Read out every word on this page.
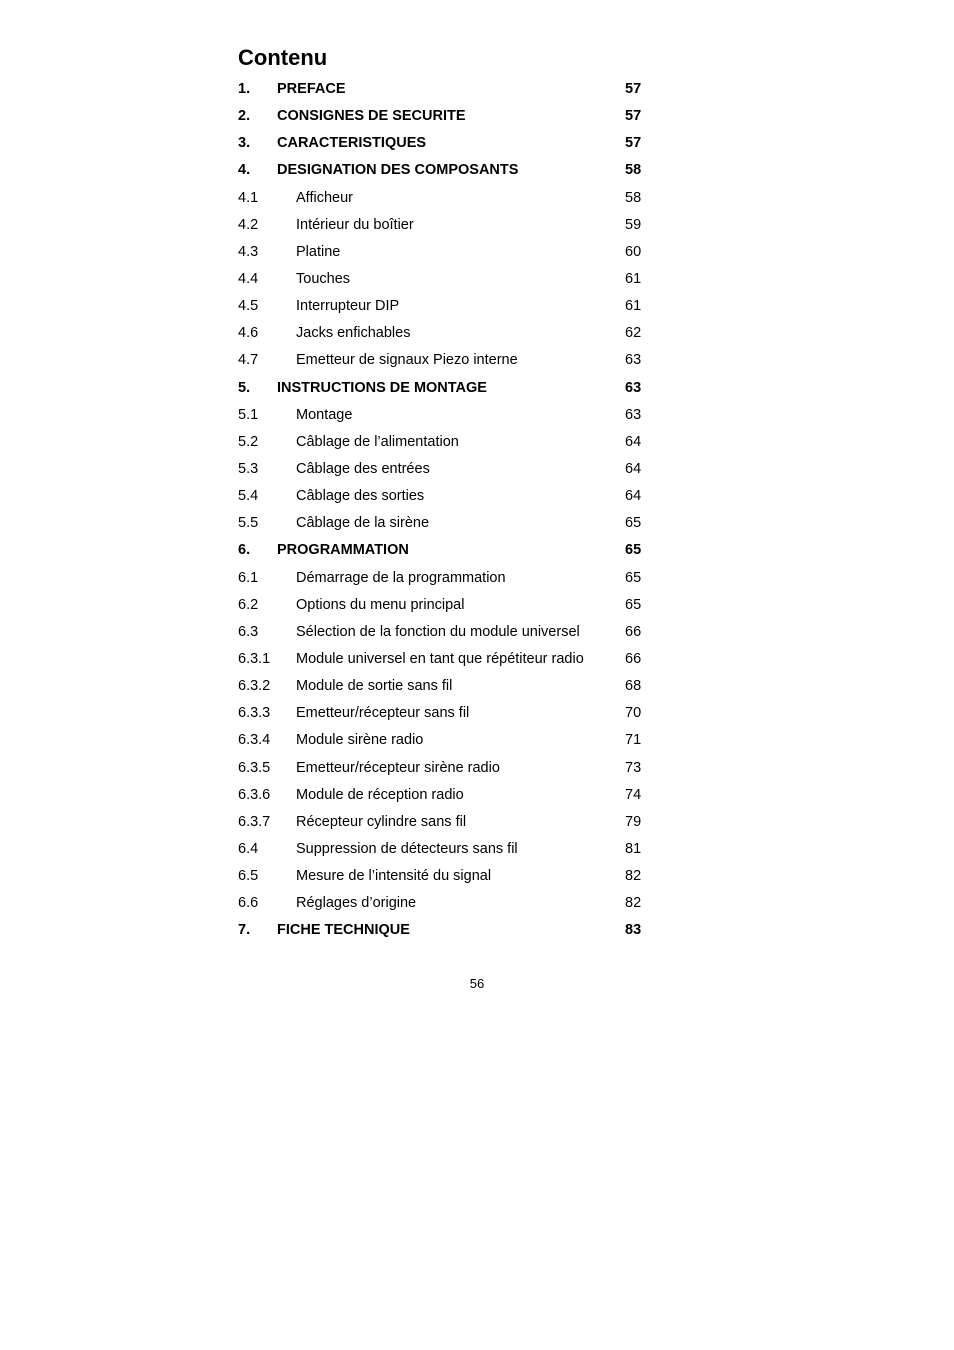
Contenu
1. PREFACE	57
2. CONSIGNES DE SECURITE	57
3. CARACTERISTIQUES	57
4. DESIGNATION DES COMPOSANTS	58
4.1	Afficheur	58
4.2	Intérieur du boîtier	59
4.3	Platine	60
4.4	Touches	61
4.5	Interrupteur DIP	61
4.6	Jacks enfichables	62
4.7	Emetteur de signaux Piezo interne	63
5. INSTRUCTIONS DE MONTAGE	63
5.1	Montage	63
5.2	Câblage de l’alimentation	64
5.3	Câblage des entrées	64
5.4	Câblage des sorties	64
5.5	Câblage de la sirène	65
6. PROGRAMMATION	65
6.1	Démarrage de la programmation	65
6.2	Options du menu principal	65
6.3	Sélection de la fonction du module universel	66
6.3.1 Module universel en tant que répétiteur radio	66
6.3.2 Module de sortie sans fil	68
6.3.3 Emetteur/récepteur sans fil	70
6.3.4 Module sirène radio	71
6.3.5 Emetteur/récepteur sirène radio	73
6.3.6 Module de réception radio	74
6.3.7 Récepteur cylindre sans fil	79
6.4	Suppression de détecteurs sans fil	81
6.5	Mesure de l’intensité du signal	82
6.6	Réglages d’origine	82
7. FICHE TECHNIQUE	83
56
